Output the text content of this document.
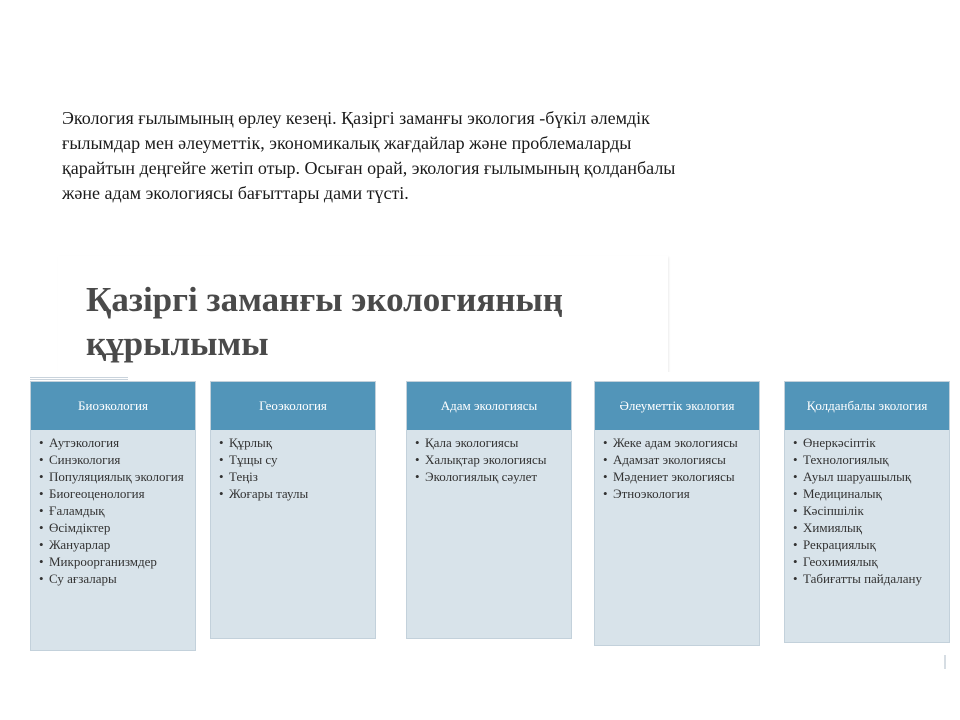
Экология ғылымының өрлеу кезеңі. Қазіргі заманғы экология -бүкіл әлемдік ғылымдар мен әлеуметтік, экономикалық жағдайлар және проблемаларды қарайтын деңгейге жетіп отыр. Осыған орай, экология ғылымының қолданбалы және адам экологиясы бағыттары дами түсті.

Қазіргі заманғы экологияның құрылымы
Биоэкология
• Аутэкология
• Синэкология
• Популяциялық экология
• Биогеоценология
• Ғаламдық
• Өсімдіктер
• Жануарлар
• Микроорганизмдер
• Су ағзалары
Геоэкология
• Құрлық
• Тұщы су
• Теңіз
• Жоғары таулы
Адам экологиясы
• Қала экологиясы
• Халықтар экологиясы
• Экологиялық сәулет
Әлеуметтік экология
• Жеке адам экологиясы
• Адамзат экологиясы
• Мәдениет экологиясы
• Этноэкология
Қолданбалы экология
• Өнеркәсіптік
• Технологиялық
• Ауыл шаруашылық
• Медициналық
• Кәсіпшілік
• Химиялық
• Рекрациялық
• Геохимиялық
• Табиғатты пайдалану
